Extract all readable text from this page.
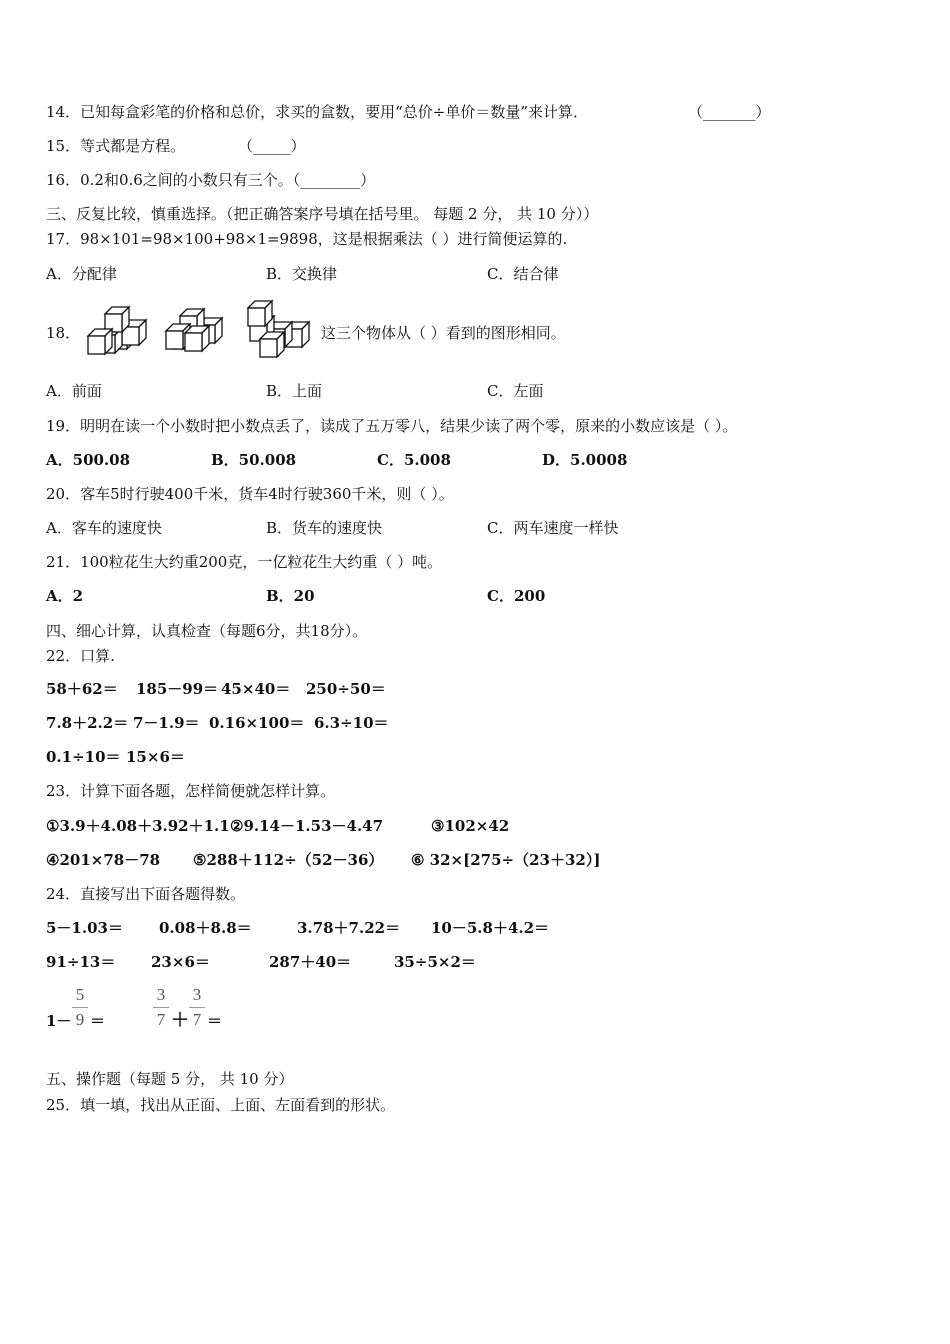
14．已知每盒彩笔的价格和总价，求买的盒数，要用“总价÷单价＝数量”来计算．	（_______）
15．等式都是方程。	（_____）
16．0.2和0.6之间的小数只有三个。（________）
三、反复比较，慎重选择。（把正确答案序号填在括号里。 每题 2 分， 共 10 分））
17．98×101=98×100+98×1=9898，这是根据乘法（ ）进行简便运算的.
A．分配律	B．交换律	C．结合律
18．	这三个物体从（ ）看到的图形相同。
A．前面	B．上面	C．左面
19．明明在读一个小数时把小数点丢了，读成了五万零八，结果少读了两个零，原来的小数应该是（ ）。
A．500.08	B．50.008	C．5.008	D．5.0008
20．客车5时行驶400千米，货车4时行驶360千米，则（ ）。
A．客车的速度快	B．货车的速度快	C．两车速度一样快
21．100粒花生大约重200克，一亿粒花生大约重（ ）吨。
A．2	B．20	C．200
四、细心计算，认真检查（每题6分，共18分）。
22．口算.
58＋62＝ 185－99＝ 45×40＝ 250÷50＝
7.8＋2.2＝ 7－1.9＝ 0.16×100＝ 6.3÷10＝
0.1÷10＝ 15×6＝
23．计算下面各题，怎样简便就怎样计算。
①3.9＋4.08＋3.92＋1.1 ②9.14－1.53－4.47	③102×42
④201×78－78 ⑤288＋112÷（52－36） ⑥ 32×[275÷（23＋32）]
24．直接写出下面各题得数。
5－1.03＝ 0.08＋8.8＝	3.78＋7.22＝ 10－5.8＋4.2＝
91÷13＝ 23×6＝	287＋40＝	35÷5×2＝
1－
5
9 ＝
3
7 ＋
3
7 ＝
五、操作题（每题 5 分， 共 10 分）
25．填一填，找出从正面、上面、左面看到的形状。
